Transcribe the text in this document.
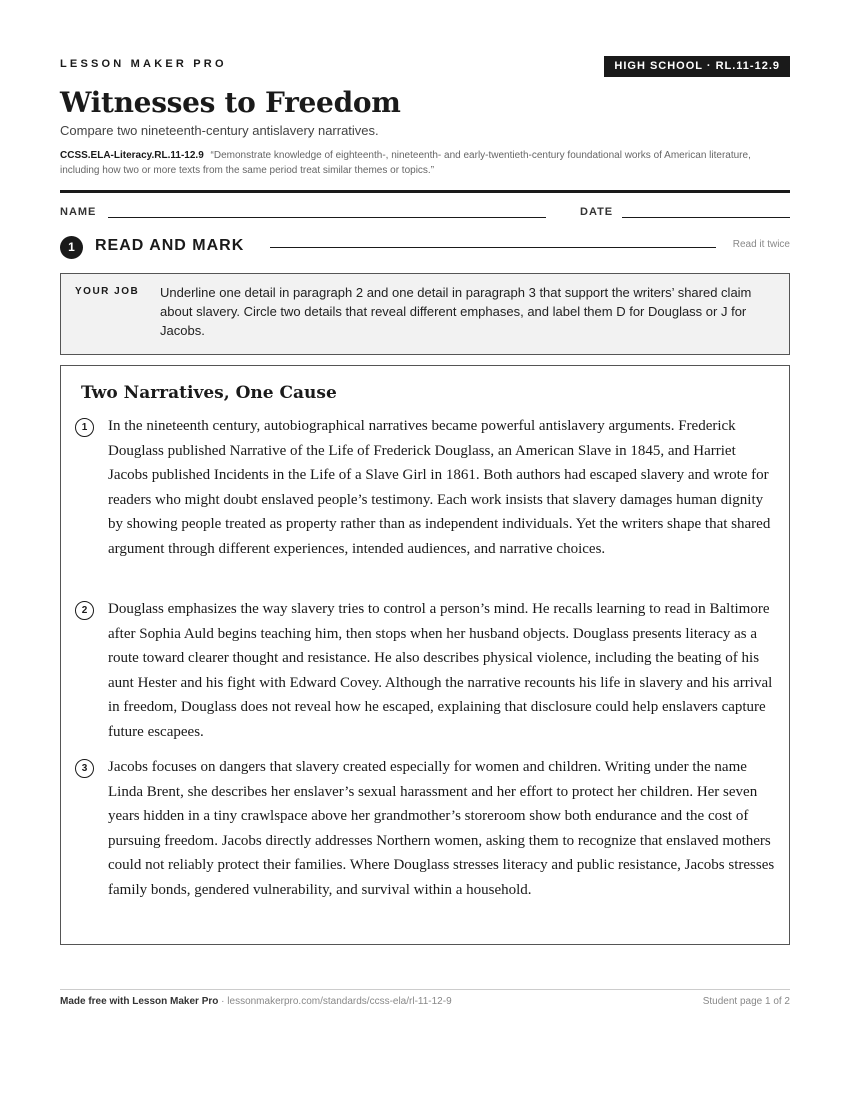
LESSON MAKER PRO	HIGH SCHOOL · RL.11-12.9
Witnesses to Freedom
Compare two nineteenth-century antislavery narratives.
CCSS.ELA-Literacy.RL.11-12.9 “Demonstrate knowledge of eighteenth-, nineteenth- and early-twentieth-century foundational works of American literature, including how two or more texts from the same period treat similar themes or topics.”
NAME	DATE
1	READ AND MARK	Read it twice
YOUR JOB Underline one detail in paragraph 2 and one detail in paragraph 3 that support the writers’ shared claim about slavery. Circle two details that reveal different emphases, and label them D for Douglass or J for Jacobs.
Two Narratives, One Cause
1	In the nineteenth century, autobiographical narratives became powerful antislavery arguments. Frederick Douglass published Narrative of the Life of Frederick Douglass, an American Slave in 1845, and Harriet Jacobs published Incidents in the Life of a Slave Girl in 1861. Both authors had escaped slavery and wrote for readers who might doubt enslaved people’s testimony. Each work insists that slavery damages human dignity by showing people treated as property rather than as independent individuals. Yet the writers shape that shared argument through different experiences, intended audiences, and narrative choices.

2	Douglass emphasizes the way slavery tries to control a person’s mind. He recalls learning to read in Baltimore after Sophia Auld begins teaching him, then stops when her husband objects. Douglass presents literacy as a route toward clearer thought and resistance. He also describes physical violence, including the beating of his aunt Hester and his fight with Edward Covey. Although the narrative recounts his life in slavery and his arrival in freedom, Douglass does not reveal how he escaped, explaining that disclosure could help enslavers capture future escapees.

3	Jacobs focuses on dangers that slavery created especially for women and children. Writing under the name Linda Brent, she describes her enslaver’s sexual harassment and her effort to protect her children. Her seven years hidden in a tiny crawlspace above her grandmother’s storeroom show both endurance and the cost of pursuing freedom. Jacobs directly addresses Northern women, asking them to recognize that enslaved mothers could not reliably protect their families. Where Douglass stresses literacy and public resistance, Jacobs stresses family bonds, gendered vulnerability, and survival within a household.

Made free with Lesson Maker Pro · lessonmakerpro.com/standards/ccss-ela/rl-11-12-9	Student page 1 of 2
